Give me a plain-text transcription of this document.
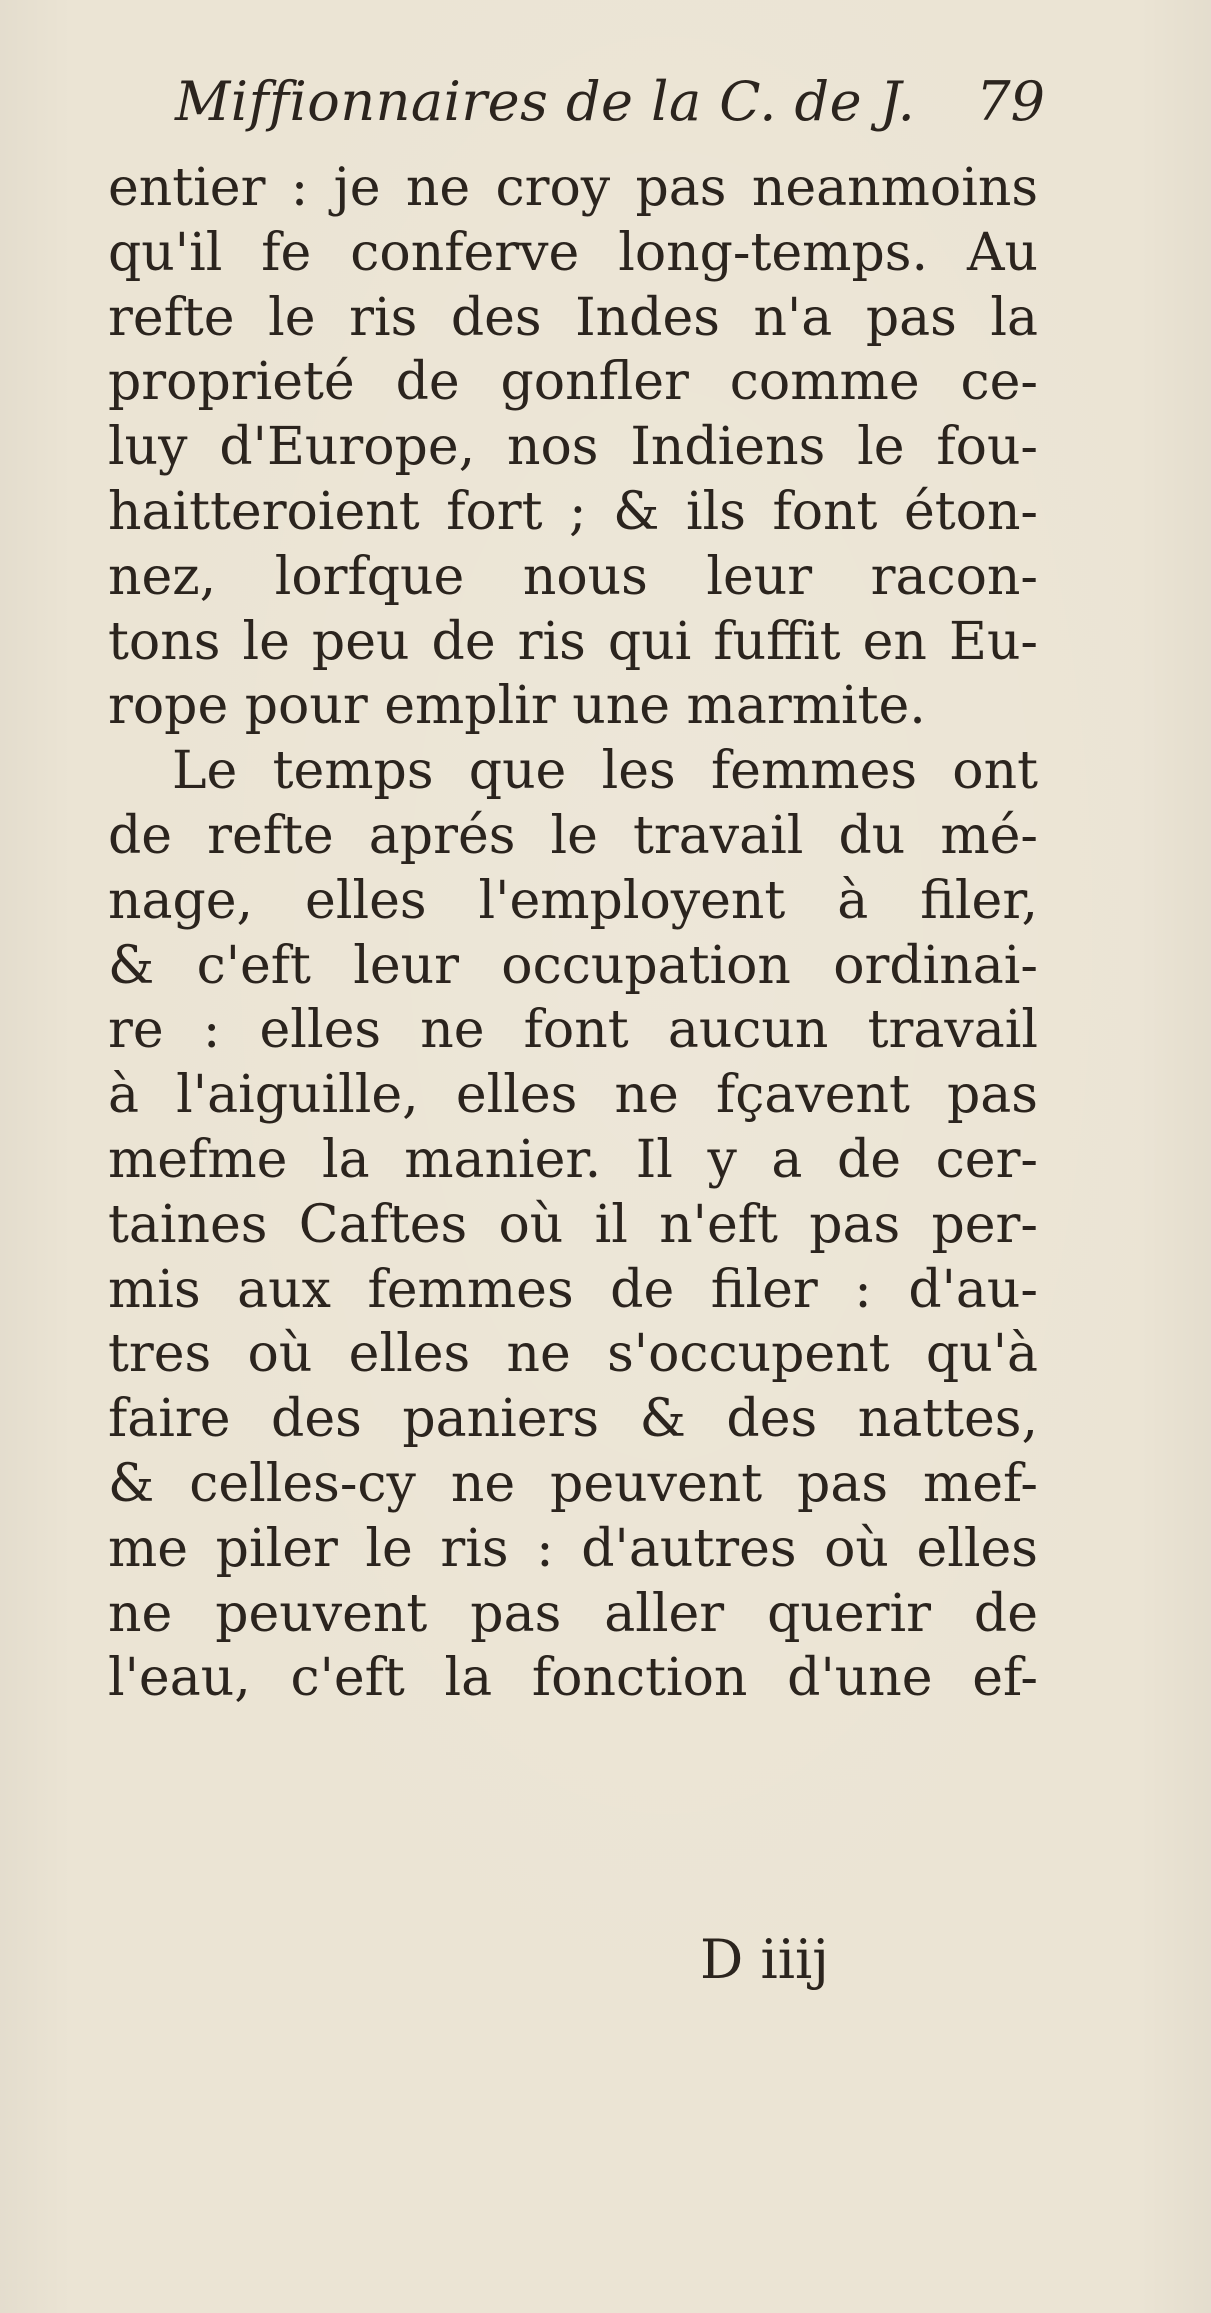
Miffionnaires de la C. de J. 79
entier : je ne croy pas neanmoins
qu'il fe conferve long-temps. Au
refte le ris des Indes n'a pas la
proprieté de gonfler comme ce-
luy d'Europe, nos Indiens le fou-
haitteroient fort ; & ils font éton-
nez, lorfque nous leur racon-
tons le peu de ris qui fuffit en Eu-
rope pour emplir une marmite.
Le temps que les femmes ont
de refte aprés le travail du mé-
nage, elles l'employent à filer,
& c'eft leur occupation ordinai-
re : elles ne font aucun travail
à l'aiguille, elles ne fçavent pas
mefme la manier. Il y a de cer-
taines Caftes où il n'eft pas per-
mis aux femmes de filer : d'au-
tres où elles ne s'occupent qu'à
faire des paniers & des nattes,
& celles-cy ne peuvent pas mef-
me piler le ris : d'autres où elles
ne peuvent pas aller querir de
l'eau, c'eft la fonction d'une ef-
D iiij
